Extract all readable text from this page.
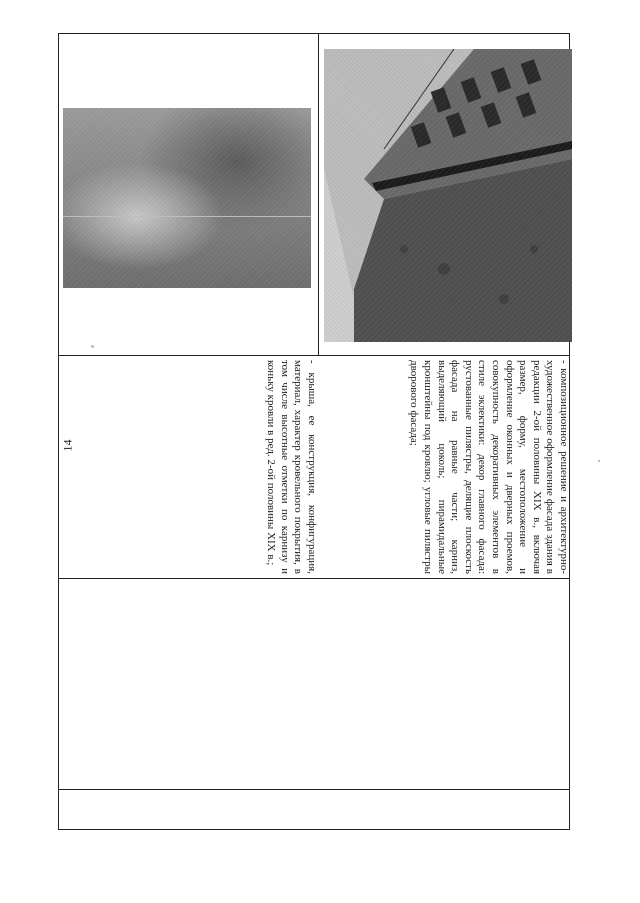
14	- крыша, ее конструкция, конфигурация, материал, характер кровельного покрытия, в том числе высотные отметки по карнизу и коньку кровли в ред. 2-ой половины XIX в.;	- композиционное решение и архитектурно-художественное оформление фасада здания в редакции 2-ой половины XIX в., включая размер, форму, местоположение и оформление оконных и дверных проемов, совокупность декоративных элементов в стиле эклектики: декор главного фасада: рустованные пилястры, делящие плоскость фасада на равные части; карниз, выделяющий цоколь; пирамидальные кронштейны под кровлю; угловые пилястры дворового фасада;
